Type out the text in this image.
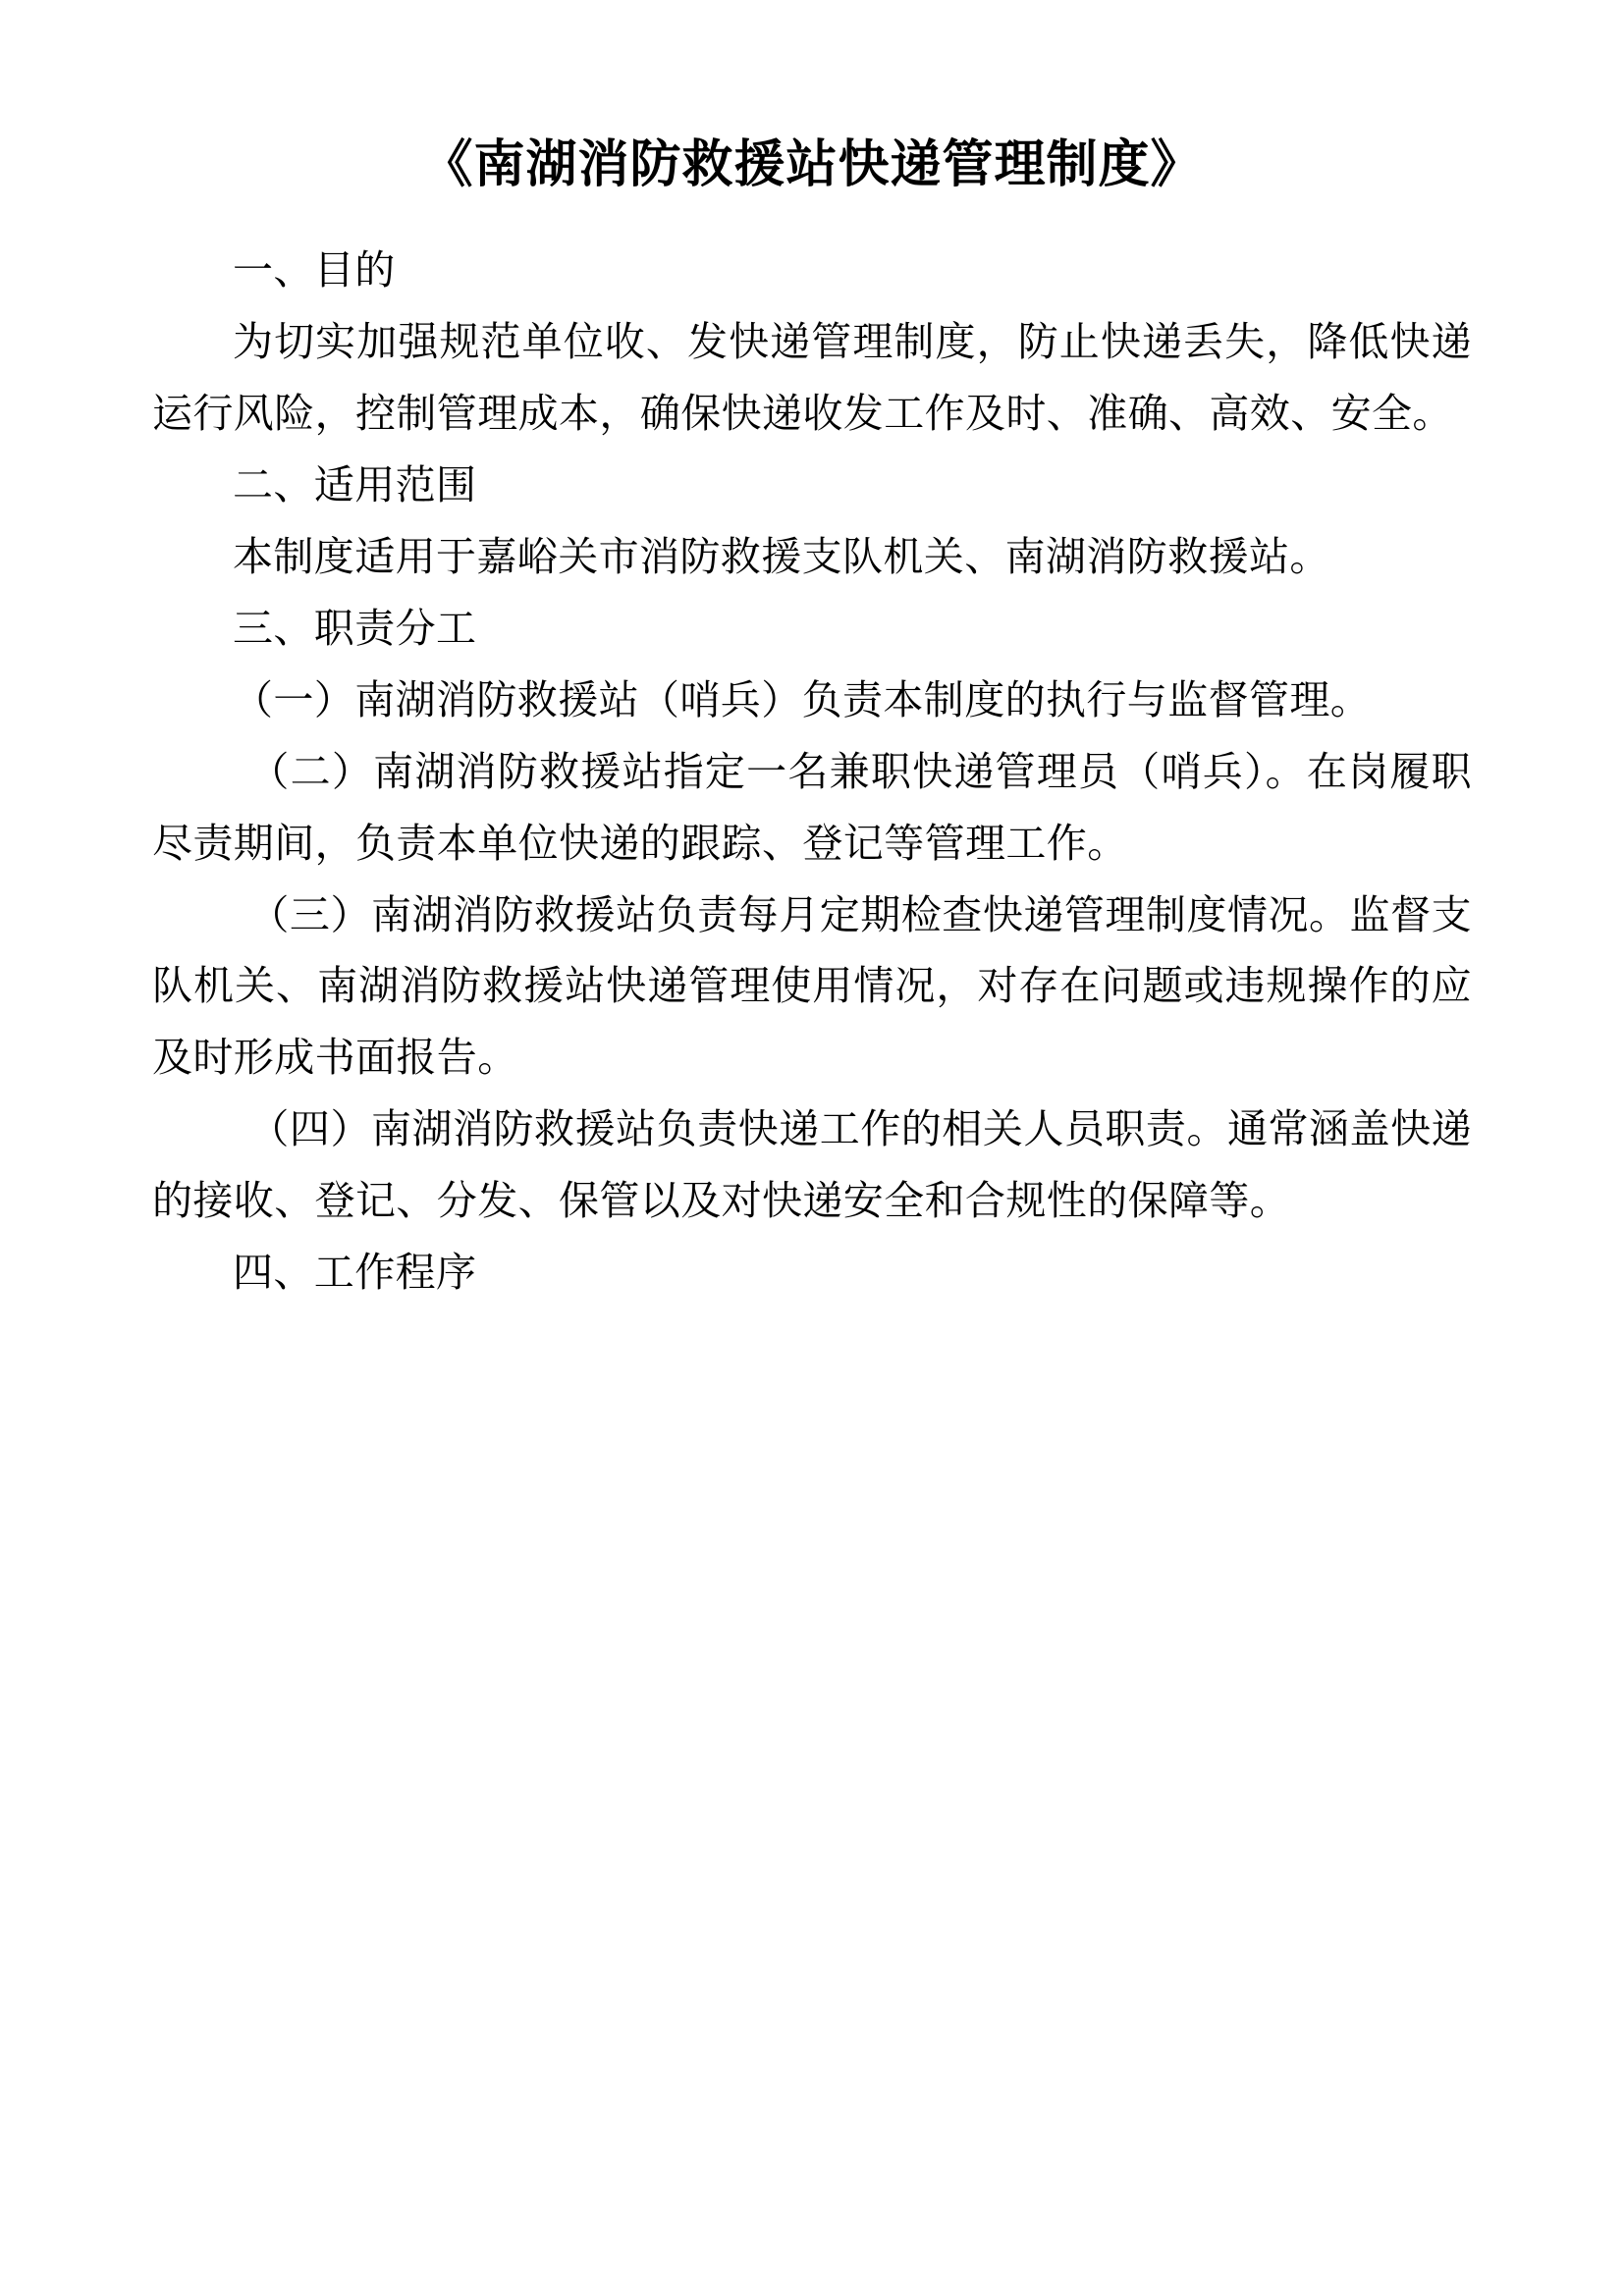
《南湖消防救援站快递管理制度》

一、目的

为切实加强规范单位收、发快递管理制度，防止快递丢失，降低快递运行风险，控制管理成本，确保快递收发工作及时、准确、高效、安全。

二、适用范围

本制度适用于嘉峪关市消防救援支队机关、南湖消防救援站。

三、职责分工

（一）南湖消防救援站（哨兵）负责本制度的执行与监督管理。

（二）南湖消防救援站指定一名兼职快递管理员（哨兵）。在岗履职尽责期间，负责本单位快递的跟踪、登记等管理工作。

（三）南湖消防救援站负责每月定期检查快递管理制度情况。监督支队机关、南湖消防救援站快递管理使用情况，对存在问题或违规操作的应及时形成书面报告。

（四）南湖消防救援站负责快递工作的相关人员职责。通常涵盖快递的接收、登记、分发、保管以及对快递安全和合规性的保障等。

四、工作程序
